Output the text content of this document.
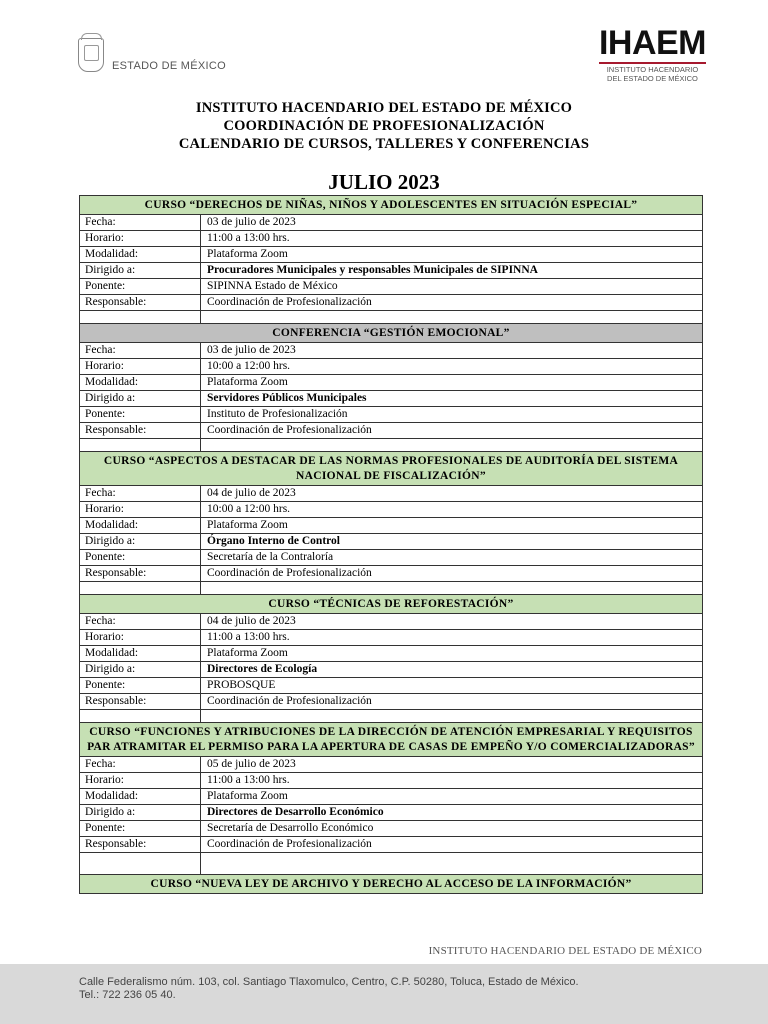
ESTADO DE MÉXICO
IHAEM
INSTITUTO HACENDARIO
DEL ESTADO DE MÉXICO
INSTITUTO HACENDARIO DEL ESTADO DE MÉXICO
COORDINACIÓN DE PROFESIONALIZACIÓN
CALENDARIO DE CURSOS, TALLERES Y CONFERENCIAS
JULIO 2023
CURSO “DERECHOS DE NIÑAS, NIÑOS Y ADOLESCENTES EN SITUACIÓN ESPECIAL”	
Fecha:	03 de julio de 2023
Horario:	11:00 a 13:00 hrs.
Modalidad:	Plataforma Zoom
Dirigido a:	Procuradores Municipales y responsables Municipales de SIPINNA
Ponente:	SIPINNA Estado de México
Responsable:	Coordinación de Profesionalización

CONFERENCIA “GESTIÓN EMOCIONAL”	
Fecha:	03 de julio de 2023
Horario:	10:00 a 12:00 hrs.
Modalidad:	Plataforma Zoom
Dirigido a:	Servidores Públicos Municipales
Ponente:	Instituto de Profesionalización
Responsable:	Coordinación de Profesionalización

CURSO “ASPECTOS A DESTACAR DE LAS NORMAS PROFESIONALES DE AUDITORÍA DEL SISTEMA NACIONAL DE FISCALIZACIÓN”	
Fecha:	04 de julio de 2023
Horario:	10:00 a 12:00 hrs.
Modalidad:	Plataforma Zoom
Dirigido a:	Órgano Interno de Control
Ponente:	Secretaría de la Contraloría
Responsable:	Coordinación de Profesionalización

CURSO “TÉCNICAS DE REFORESTACIÓN”	
Fecha:	04 de julio de 2023
Horario:	11:00 a 13:00 hrs.
Modalidad:	Plataforma Zoom
Dirigido a:	Directores de Ecología
Ponente:	PROBOSQUE
Responsable:	Coordinación de Profesionalización

CURSO “FUNCIONES Y ATRIBUCIONES DE LA DIRECCIÓN DE ATENCIÓN EMPRESARIAL Y REQUISITOS PAR ATRAMITAR EL PERMISO PARA LA APERTURA DE CASAS DE EMPEÑO Y/O COMERCIALIZADORAS”	
Fecha:	05 de julio de 2023
Horario:	11:00 a 13:00 hrs.
Modalidad:	Plataforma Zoom
Dirigido a:	Directores de Desarrollo Económico
Ponente:	Secretaría de Desarrollo Económico
Responsable:	Coordinación de Profesionalización

CURSO “NUEVA LEY DE ARCHIVO Y DERECHO AL ACCESO DE LA INFORMACIÓN”	
INSTITUTO HACENDARIO DEL ESTADO DE MÉXICO
Calle Federalismo núm. 103, col. Santiago Tlaxomulco, Centro, C.P. 50280, Toluca, Estado de México.
Tel.: 722 236 05 40.
